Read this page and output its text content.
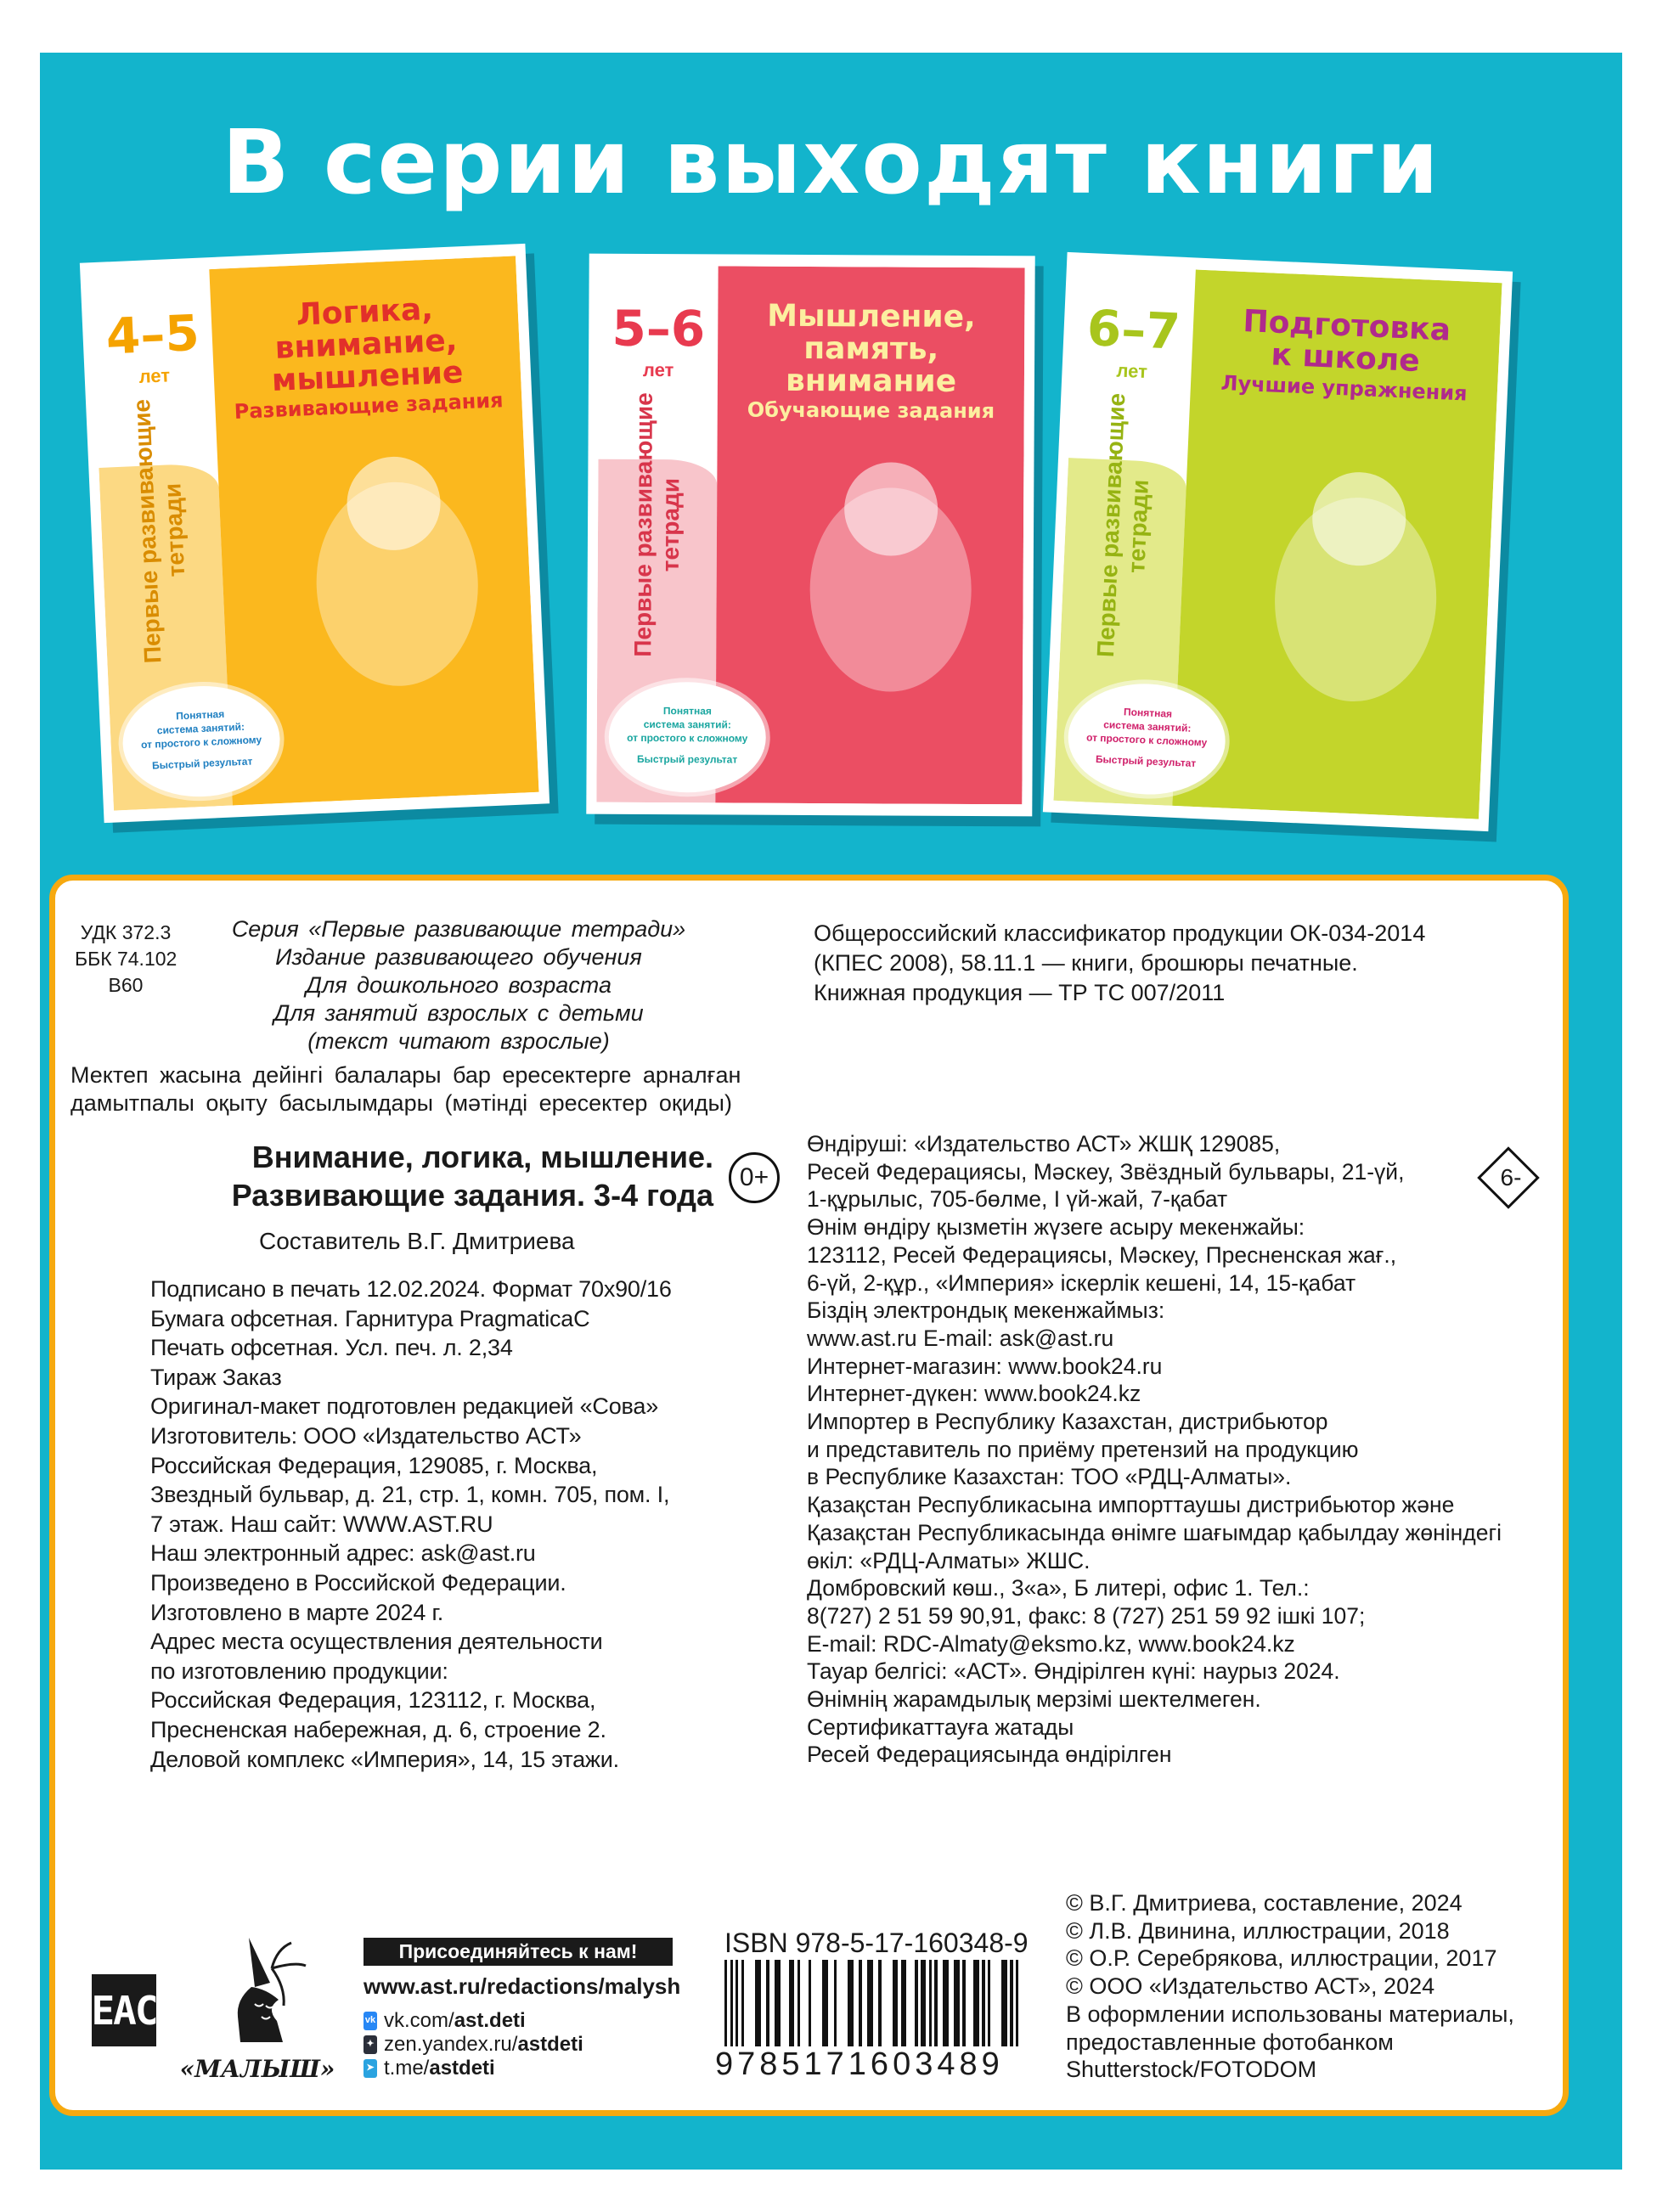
В серии выходят книги
4–5
лет
Первые развивающие
тетради
Логика,
внимание,
мышление
Развивающие задания
Понятная
система занятий:
от простого к сложному
Быстрый результат
5–6
лет
Первые развивающие тетради
Мышление,
память,
внимание
Обучающие задания
Понятная
система занятий:
от простого к сложному
Быстрый результат
6–7
лет
Первые развивающие
тетради
Подготовка
к школе
Лучшие упражнения
Понятная
система занятий:
от простого к сложному
Быстрый результат
УДК 372.3
ББК 74.102
В60
Серия «Первые развивающие тетради»
Издание развивающего обучения
Для дошкольного возраста
Для занятий взрослых с детьми
(текст читают взрослые)
Мектеп жасына дейінгі балалары бар ересектерге арналған
дамытпалы оқыту басылымдары (мәтінді ересектер оқиды)
Общероссийский классификатор продукции ОК-034-2014
(КПЕС 2008), 58.11.1 — книги, брошюры печатные.
Книжная продукция — ТР ТС 007/2011
Внимание, логика, мышление.
Развивающие задания. 3-4 года
0+	6-
Составитель В.Г. Дмитриева
Подписано в печать 12.02.2024. Формат 70х90/16
Бумага офсетная. Гарнитура PragmaticaC
Печать офсетная. Усл. печ. л. 2,34
Тираж Заказ
Оригинал-макет подготовлен редакцией «Сова»
Изготовитель: ООО «Издательство АСТ»
Российская Федерация, 129085, г. Москва,
Звездный бульвар, д. 21, стр. 1, комн. 705, пом. I,
7 этаж. Наш сайт: WWW.AST.RU
Наш электронный адрес: ask@ast.ru
Произведено в Российской Федерации.
Изготовлено в марте 2024 г.
Адрес места осуществления деятельности
по изготовлению продукции:
Российская Федерация, 123112, г. Москва,
Пресненская набережная, д. 6, строение 2.
Деловой комплекс «Империя», 14, 15 этажи.
Өндіруші: «Издательство АСТ» ЖШҚ 129085,
Ресей Федерациясы, Мәскеу, Звёздный бульвары, 21-үй,
1-құрылыс, 705-бөлме, I үй-жай, 7-қабат
Өнім өндіру қызметін жүзеге асыру мекенжайы:
123112, Ресей Федерациясы, Мәскеу, Пресненская жағ.,
6-үй, 2-құр., «Империя» іскерлік кешені, 14, 15-қабат
Біздің электрондық мекенжаймыз:
www.ast.ru E-mail: ask@ast.ru
Интернет-магазин: www.book24.ru
Интернет-дүкен: www.book24.kz
Импортер в Республику Казахстан, дистрибьютор
и представитель по приёму претензий на продукцию
в Республике Казахстан: ТОО «РДЦ-Алматы».
Қазақстан Республикасына импорттаушы дистрибьютор және
Қазақстан Республикасында өнімге шағымдар қабылдау жөніндегі
өкіл: «РДЦ-Алматы» ЖШС.
Домбровский көш., 3«а», Б литері, офис 1. Тел.:
8(727) 2 51 59 90,91, факс: 8 (727) 251 59 92 ішкі 107;
E-mail: RDC-Almaty@eksmo.kz, www.book24.kz
Тауар белгісі: «АСТ». Өндірілген күні: наурыз 2024.
Өнімнің жарамдылық мерзімі шектелмеген.
Сертификаттауға жатады
Ресей Федерациясында өндірілген
© В.Г. Дмитриева, составление, 2024
© Л.В. Двинина, иллюстрации, 2018
© О.Р. Серебрякова, иллюстрации, 2017
© ООО «Издательство АСТ», 2024
В оформлении использованы материалы,
предоставленные фотобанком
Shutterstock/FOTODOM
ЕАС
«МАЛЫШ»
Присоединяйтесь к нам!
www.ast.ru/redactions/malysh
vk vk.com/ast.deti
✦ zen.yandex.ru/astdeti
➤ t.me/astdeti
ISBN 978-5-17-160348-9
9785171603489
